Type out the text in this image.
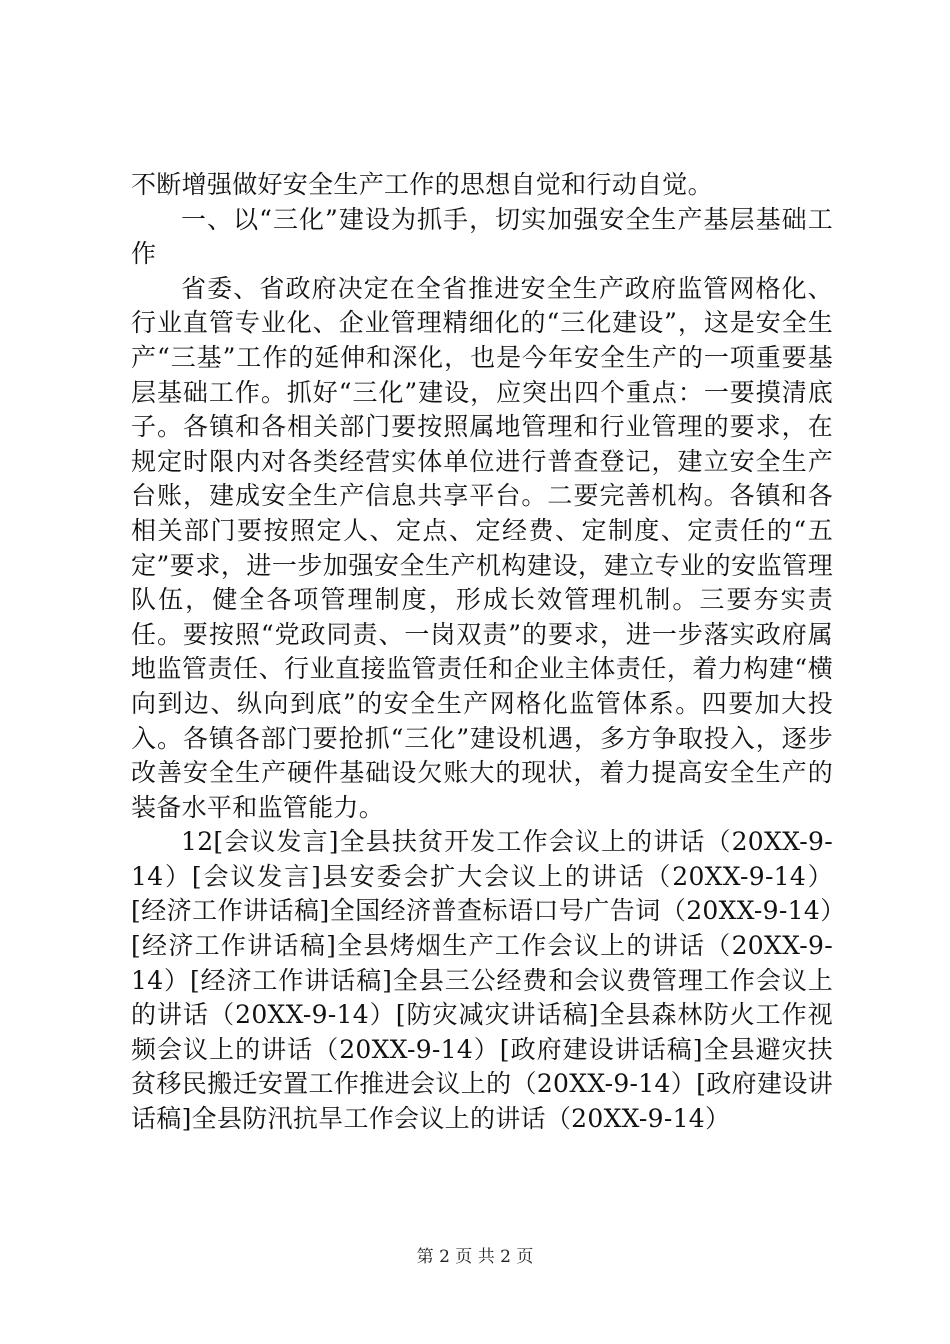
不断增强做好安全生产工作的思想自觉和行动自觉。

一、以“三化”建设为抓手，切实加强安全生产基层基础工作

省委、省政府决定在全省推进安全生产政府监管网格化、行业直管专业化、企业管理精细化的“三化建设”，这是安全生产“三基”工作的延伸和深化，也是今年安全生产的一项重要基层基础工作。抓好“三化”建设，应突出四个重点：一要摸清底子。各镇和各相关部门要按照属地管理和行业管理的要求，在规定时限内对各类经营实体单位进行普查登记，建立安全生产台账，建成安全生产信息共享平台。二要完善机构。各镇和各相关部门要按照定人、定点、定经费、定制度、定责任的“五定”要求，进一步加强安全生产机构建设，建立专业的安监管理队伍，健全各项管理制度，形成长效管理机制。三要夯实责任。要按照“党政同责、一岗双责”的要求，进一步落实政府属地监管责任、行业直接监管责任和企业主体责任，着力构建“横向到边、纵向到底”的安全生产网格化监管体系。四要加大投入。各镇各部门要抢抓“三化”建设机遇，多方争取投入，逐步改善安全生产硬件基础设欠账大的现状，着力提高安全生产的装备水平和监管能力。

12[会议发言]全县扶贫开发工作会议上的讲话（20XX-9-14）[会议发言]县安委会扩大会议上的讲话（20XX-9-14）[经济工作讲话稿]全国经济普查标语口号广告词（20XX-9-14）[经济工作讲话稿]全县烤烟生产工作会议上的讲话（20XX-9-14）[经济工作讲话稿]全县三公经费和会议费管理工作会议上的讲话（20XX-9-14）[防灾减灾讲话稿]全县森林防火工作视频会议上的讲话（20XX-9-14）[政府建设讲话稿]全县避灾扶贫移民搬迁安置工作推进会议上的（20XX-9-14）[政府建设讲话稿]全县防汛抗旱工作会议上的讲话（20XX-9-14）

第 2 页 共 2 页
